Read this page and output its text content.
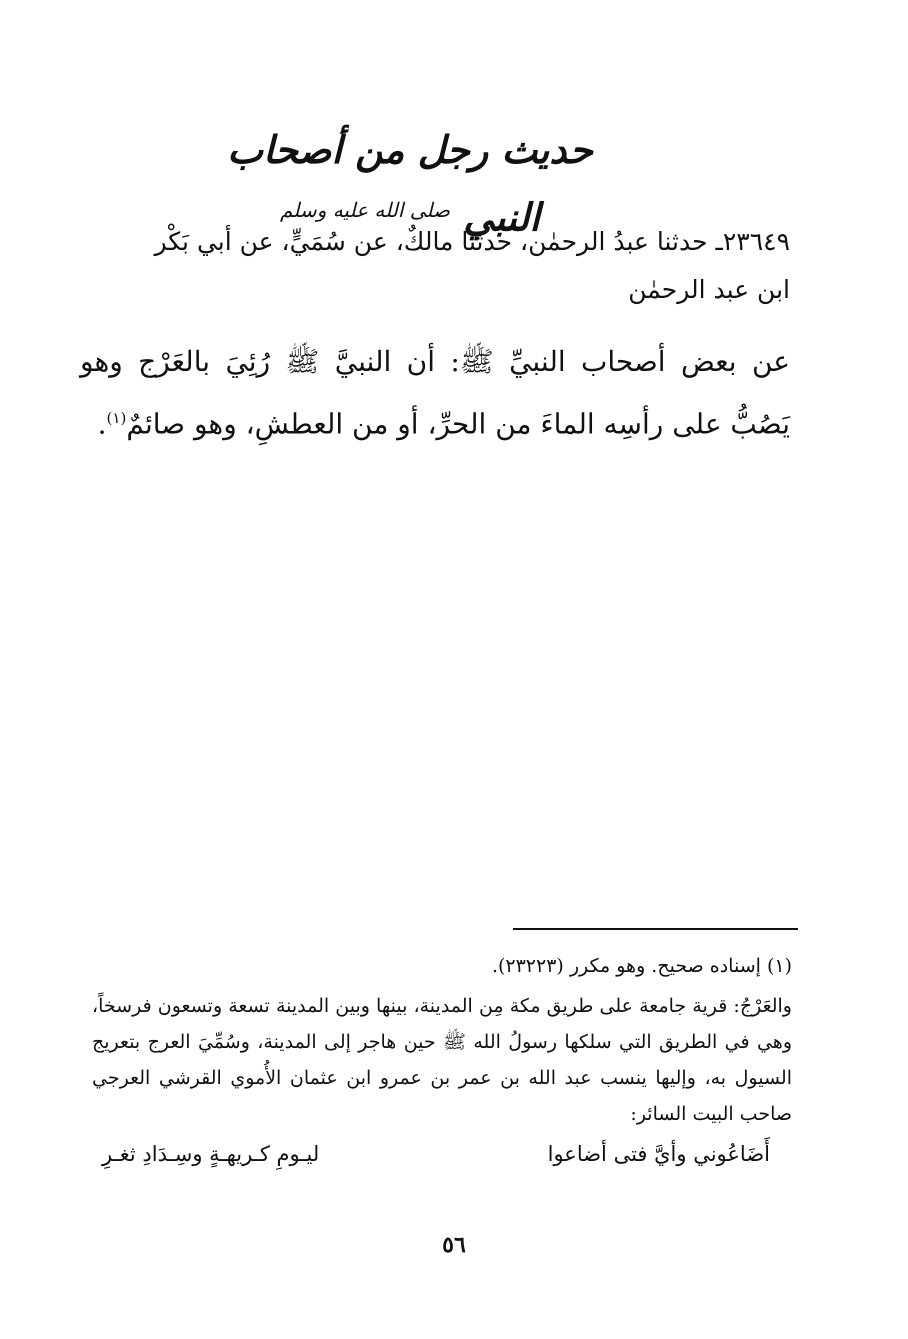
حديث رجل من أصحاب النبي $^{صلى الله عليه وسلم}$
٢٣٦٤٩ـ حدثنا عبدُ الرحمٰن، حدثنا مالكٌ، عن سُمَيٍّ، عن أبي بَكْر
ابن عبد الرحمٰن
عن بعض أصحاب النبيِّ ﷺ: أن النبيَّ ﷺ رُئِيَ بالعَرْج وهو يَصُبُّ على رأسِه الماءَ من الحرِّ، أو من العطشِ، وهو صائمٌ$^{(١)}$.
(١) إسناده صحيح. وهو مكرر (٢٣٢٢٣).
والعَرْجُ: قرية جامعة على طريق مكة مِن المدينة، بينها وبين المدينة تسعة وتسعون فرسخاً، وهي في الطريق التي سلكها رسولُ الله ﷺ حين هاجر إلى المدينة، وسُمِّيَ العرج بتعريج السيول به، وإليها ينسب عبد الله بن عمر بن عمرو ابن عثمان الأُموي القرشي العرجي صاحب البيت السائر:
أَضَاعُوني وأيَّ فتى أضاعوا
ليـومِ كـريهـةٍ وسِـدَادِ ثغـرِ
٥٦
